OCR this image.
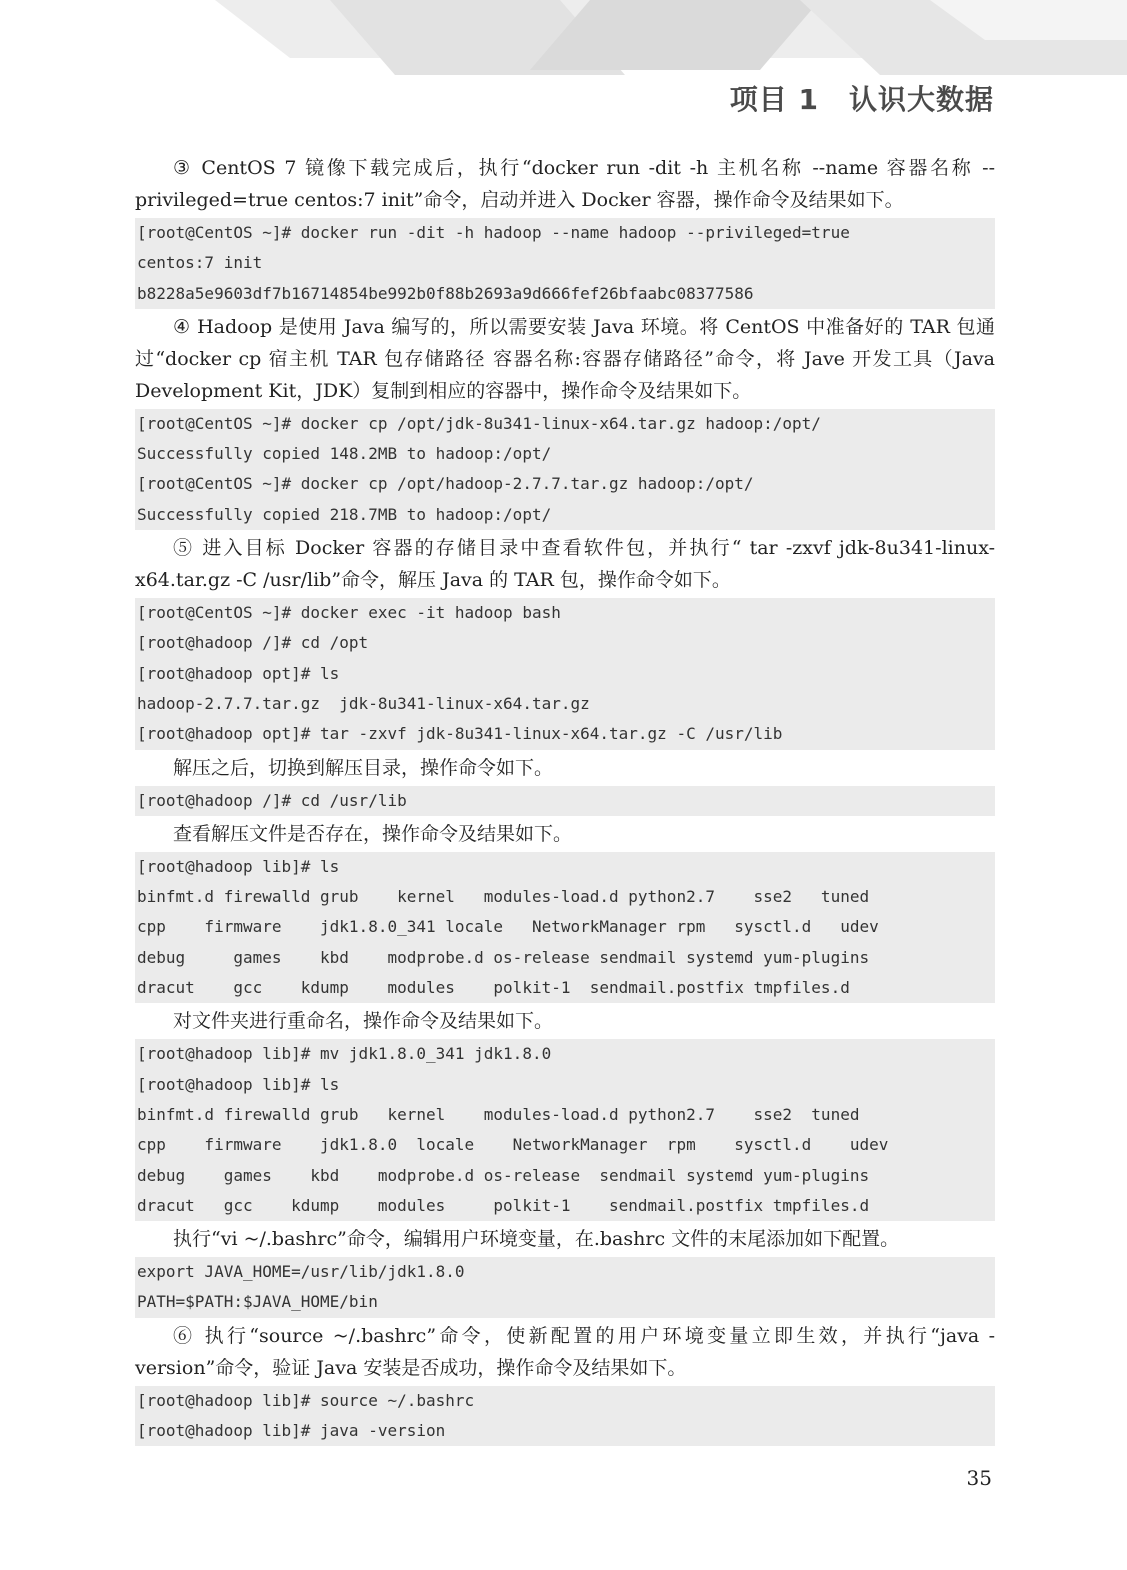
项目 1 认识大数据

③ CentOS 7 镜像下载完成后，执行“docker run -dit -h 主机名称 --name 容器名称 --privileged=true centos:7 init”命令，启动并进入 Docker 容器，操作命令及结果如下。

[root@CentOS ~]# docker run -dit -h hadoop --name hadoop --privileged=true
centos:7 init
b8228a5e9603df7b16714854be992b0f88b2693a9d666fef26bfaabc08377586

④ Hadoop 是使用 Java 编写的，所以需要安装 Java 环境。将 CentOS 中准备好的 TAR 包通过“docker cp 宿主机 TAR 包存储路径 容器名称:容器存储路径”命令，将 Jave 开发工具（Java Development Kit，JDK）复制到相应的容器中，操作命令及结果如下。

[root@CentOS ~]# docker cp /opt/jdk-8u341-linux-x64.tar.gz hadoop:/opt/
Successfully copied 148.2MB to hadoop:/opt/
[root@CentOS ~]# docker cp /opt/hadoop-2.7.7.tar.gz hadoop:/opt/
Successfully copied 218.7MB to hadoop:/opt/

⑤ 进入目标 Docker 容器的存储目录中查看软件包，并执行“ tar -zxvf jdk-8u341-linux-x64.tar.gz -C /usr/lib”命令，解压 Java 的 TAR 包，操作命令如下。

[root@CentOS ~]# docker exec -it hadoop bash
[root@hadoop /]# cd /opt
[root@hadoop opt]# ls
hadoop-2.7.7.tar.gz  jdk-8u341-linux-x64.tar.gz
[root@hadoop opt]# tar -zxvf jdk-8u341-linux-x64.tar.gz -C /usr/lib

解压之后，切换到解压目录，操作命令如下。

[root@hadoop /]# cd /usr/lib

查看解压文件是否存在，操作命令及结果如下。

[root@hadoop lib]# ls
binfmt.d firewalld grub    kernel   modules-load.d python2.7    sse2   tuned
cpp    firmware    jdk1.8.0_341 locale   NetworkManager rpm   sysctl.d   udev
debug     games    kbd    modprobe.d os-release sendmail systemd yum-plugins
dracut    gcc    kdump    modules    polkit-1  sendmail.postfix tmpfiles.d

对文件夹进行重命名，操作命令及结果如下。

[root@hadoop lib]# mv jdk1.8.0_341 jdk1.8.0
[root@hadoop lib]# ls
binfmt.d firewalld grub   kernel    modules-load.d python2.7    sse2  tuned
cpp    firmware    jdk1.8.0  locale    NetworkManager  rpm    sysctl.d    udev
debug    games    kbd    modprobe.d os-release  sendmail systemd yum-plugins
dracut   gcc    kdump    modules     polkit-1    sendmail.postfix tmpfiles.d

执行“vi ~/.bashrc”命令，编辑用户环境变量，在.bashrc 文件的末尾添加如下配置。

export JAVA_HOME=/usr/lib/jdk1.8.0
PATH=$PATH:$JAVA_HOME/bin

⑥ 执行“source ~/.bashrc”命令，使新配置的用户环境变量立即生效，并执行“java -version”命令，验证 Java 安装是否成功，操作命令及结果如下。

[root@hadoop lib]# source ~/.bashrc
[root@hadoop lib]# java -version
35
